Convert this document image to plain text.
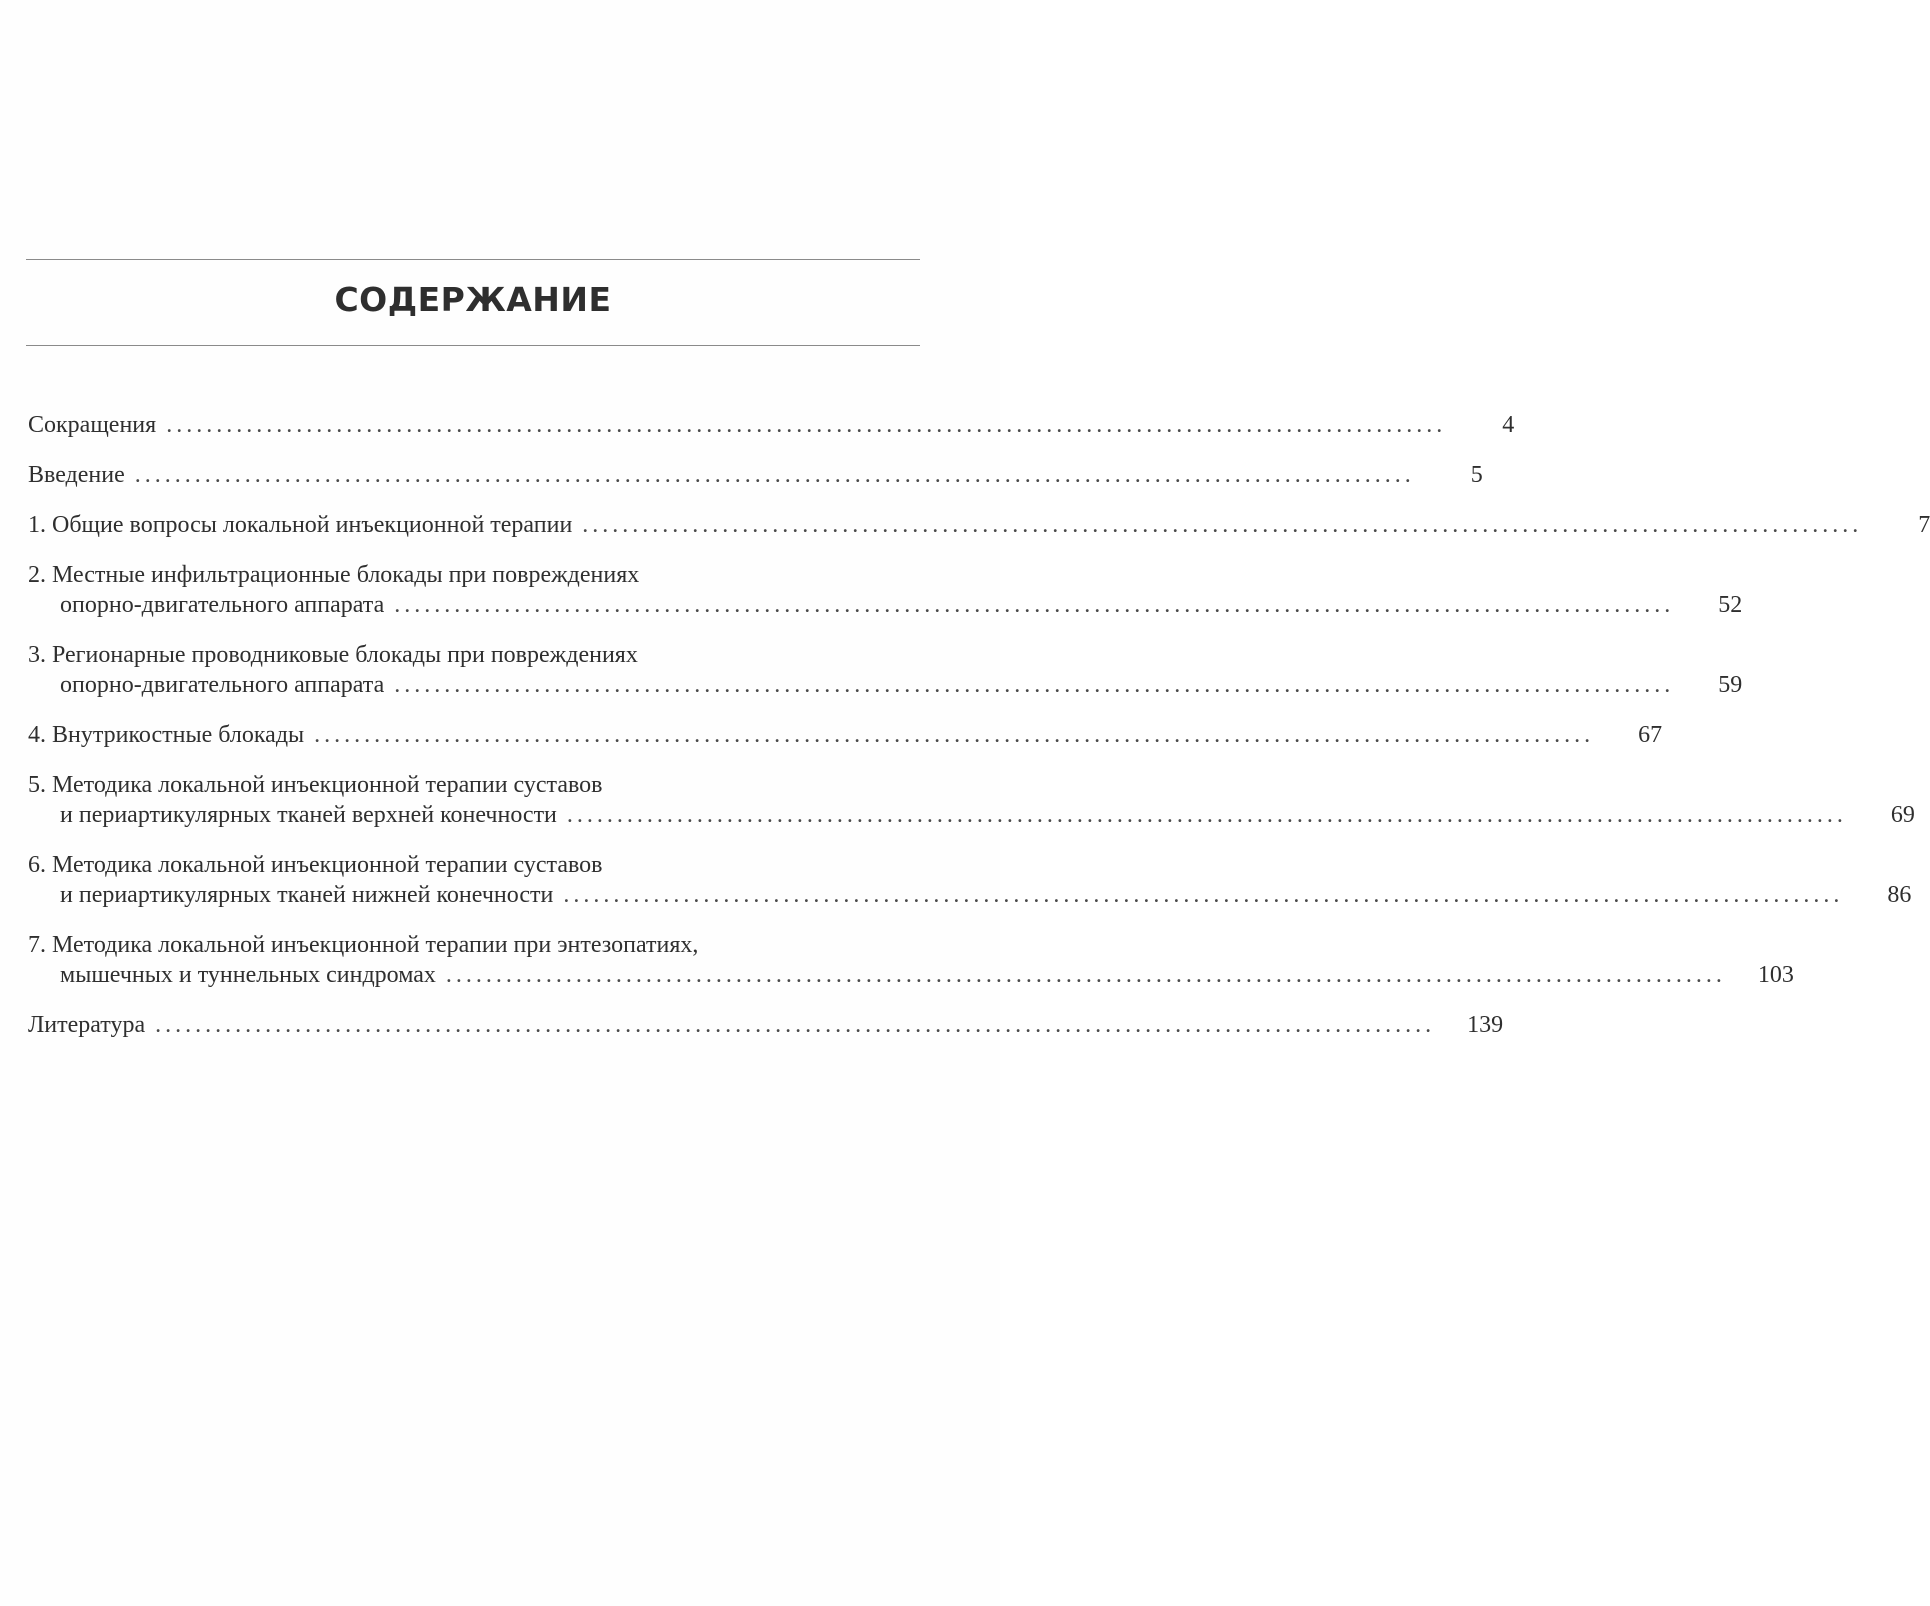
СОДЕРЖАНИЕ
Сокращения ................................................................................................................................	4
Введение ................................................................................................................................	5
1. Общие вопросы локальной инъекционной терапии ................................................................................................................................	7
2. Местные инфильтрационные блокады при повреждениях
опорно-двигательного аппарата ................................................................................................................................	52
3. Регионарные проводниковые блокады при повреждениях
опорно-двигательного аппарата ................................................................................................................................	59
4. Внутрикостные блокады ................................................................................................................................	67
5. Методика локальной инъекционной терапии суставов
и периартикулярных тканей верхней конечности ................................................................................................................................	69
6. Методика локальной инъекционной терапии суставов
и периартикулярных тканей нижней конечности ................................................................................................................................	86
7. Методика локальной инъекционной терапии при энтезопатиях,
мышечных и туннельных синдромах ................................................................................................................................	103
Литература ................................................................................................................................	139
